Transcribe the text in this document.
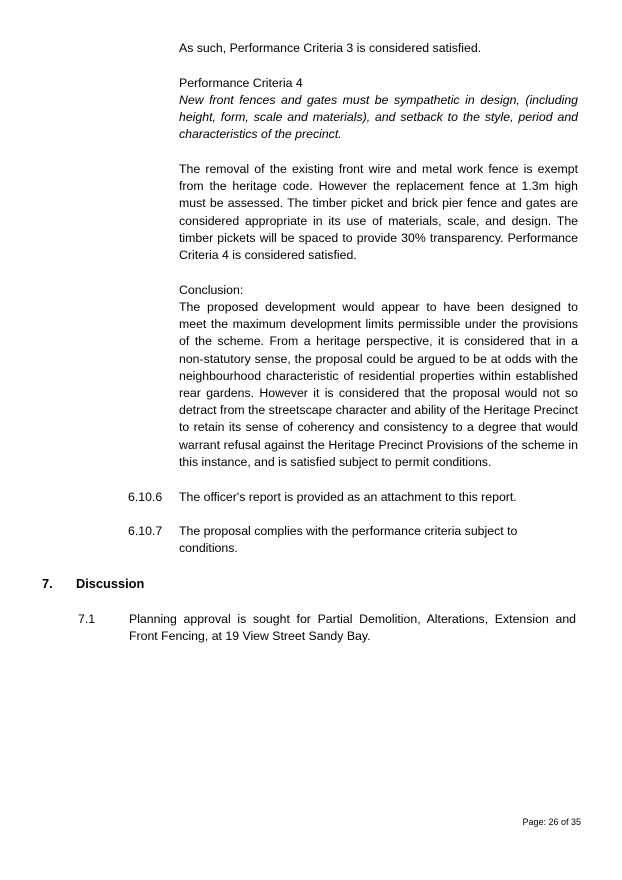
As such, Performance Criteria 3 is considered satisfied.
Performance Criteria 4
New front fences and gates must be sympathetic in design, (including height, form, scale and materials), and setback to the style, period and characteristics of the precinct.
The removal of the existing front wire and metal work fence is exempt from the heritage code. However the replacement fence at 1.3m high must be assessed. The timber picket and brick pier fence and gates are considered appropriate in its use of materials, scale, and design. The timber pickets will be spaced to provide 30% transparency. Performance Criteria 4 is considered satisfied.
Conclusion:
The proposed development would appear to have been designed to meet the maximum development limits permissible under the provisions of the scheme. From a heritage perspective, it is considered that in a non-statutory sense, the proposal could be argued to be at odds with the neighbourhood characteristic of residential properties within established rear gardens. However it is considered that the proposal would not so detract from the streetscape character and ability of the Heritage Precinct to retain its sense of coherency and consistency to a degree that would warrant refusal against the Heritage Precinct Provisions of the scheme in this instance, and is satisfied subject to permit conditions.
6.10.6 The officer's report is provided as an attachment to this report.
6.10.7 The proposal complies with the performance criteria subject to conditions.
7. Discussion
7.1	Planning approval is sought for Partial Demolition, Alterations, Extension and Front Fencing, at 19 View Street Sandy Bay.
Page: 26 of 35
